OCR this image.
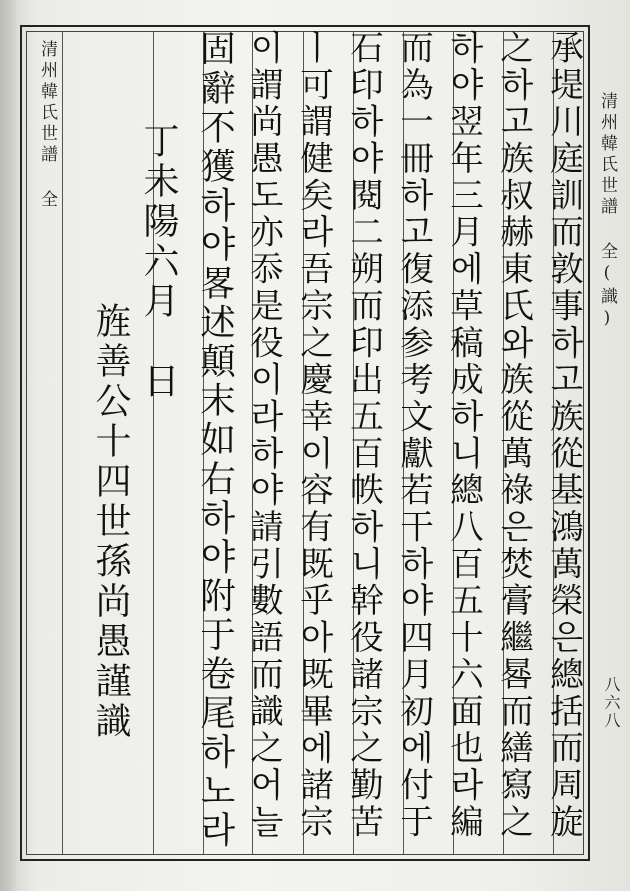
清州韓氏世譜 全	清州韓氏世譜 全(識)
八六八
承堤川庭訓而敦事하고族從基鴻萬榮은總括而周旋
之하고族叔赫東氏와族從萬祿은焚膏繼晷而繕寫之
하야翌年三月에草稿成하니總八百五十六面也라編
而為一冊하고復添参考文獻若干하야四月初에付于
石印하야閱二朔而印出五百帙하니幹役諸宗之勤苦
ㅣ可謂健矣라吾宗之慶幸이容有既乎아既畢에諸宗
이謂尚愚도亦忝是役이라하야請引數語而識之어늘
固辭不獲하야畧述顛末如右하야附于卷尾하노라
丁未陽六月　日
旌善公十四世孫尚愚謹識
